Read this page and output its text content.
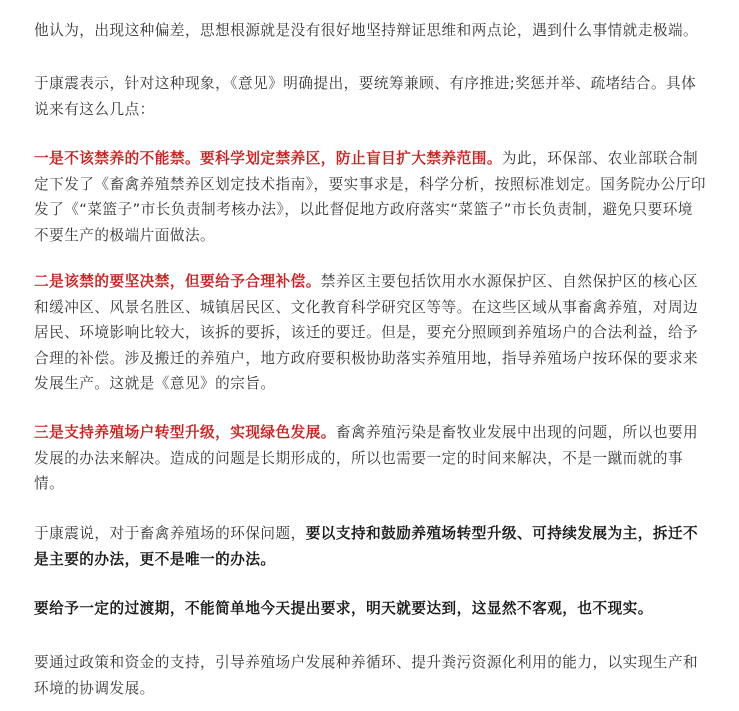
他认为，出现这种偏差，思想根源就是没有很好地坚持辩证思维和两点论，遇到什么事情就走极端。

于康震表示，针对这种现象，《意见》明确提出，要统筹兼顾、有序推进;奖惩并举、疏堵结合。具体说来有这么几点：

一是不该禁养的不能禁。要科学划定禁养区，防止盲目扩大禁养范围。为此，环保部、农业部联合制定下发了《畜禽养殖禁养区划定技术指南》，要实事求是，科学分析，按照标准划定。国务院办公厅印发了《“菜篮子”市长负责制考核办法》，以此督促地方政府落实“菜篮子”市长负责制，避免只要环境不要生产的极端片面做法。

二是该禁的要坚决禁，但要给予合理补偿。禁养区主要包括饮用水水源保护区、自然保护区的核心区和缓冲区、风景名胜区、城镇居民区、文化教育科学研究区等等。在这些区域从事畜禽养殖，对周边居民、环境影响比较大，该拆的要拆，该迁的要迁。但是，要充分照顾到养殖场户的合法利益，给予合理的补偿。涉及搬迁的养殖户，地方政府要积极协助落实养殖用地，指导养殖场户按环保的要求来发展生产。这就是《意见》的宗旨。

三是支持养殖场户转型升级，实现绿色发展。畜禽养殖污染是畜牧业发展中出现的问题，所以也要用发展的办法来解决。造成的问题是长期形成的，所以也需要一定的时间来解决，不是一蹴而就的事情。

于康震说，对于畜禽养殖场的环保问题，要以支持和鼓励养殖场转型升级、可持续发展为主，拆迁不是主要的办法，更不是唯一的办法。

要给予一定的过渡期，不能简单地今天提出要求，明天就要达到，这显然不客观，也不现实。

要通过政策和资金的支持，引导养殖场户发展种养循环、提升粪污资源化利用的能力，以实现生产和环境的协调发展。
